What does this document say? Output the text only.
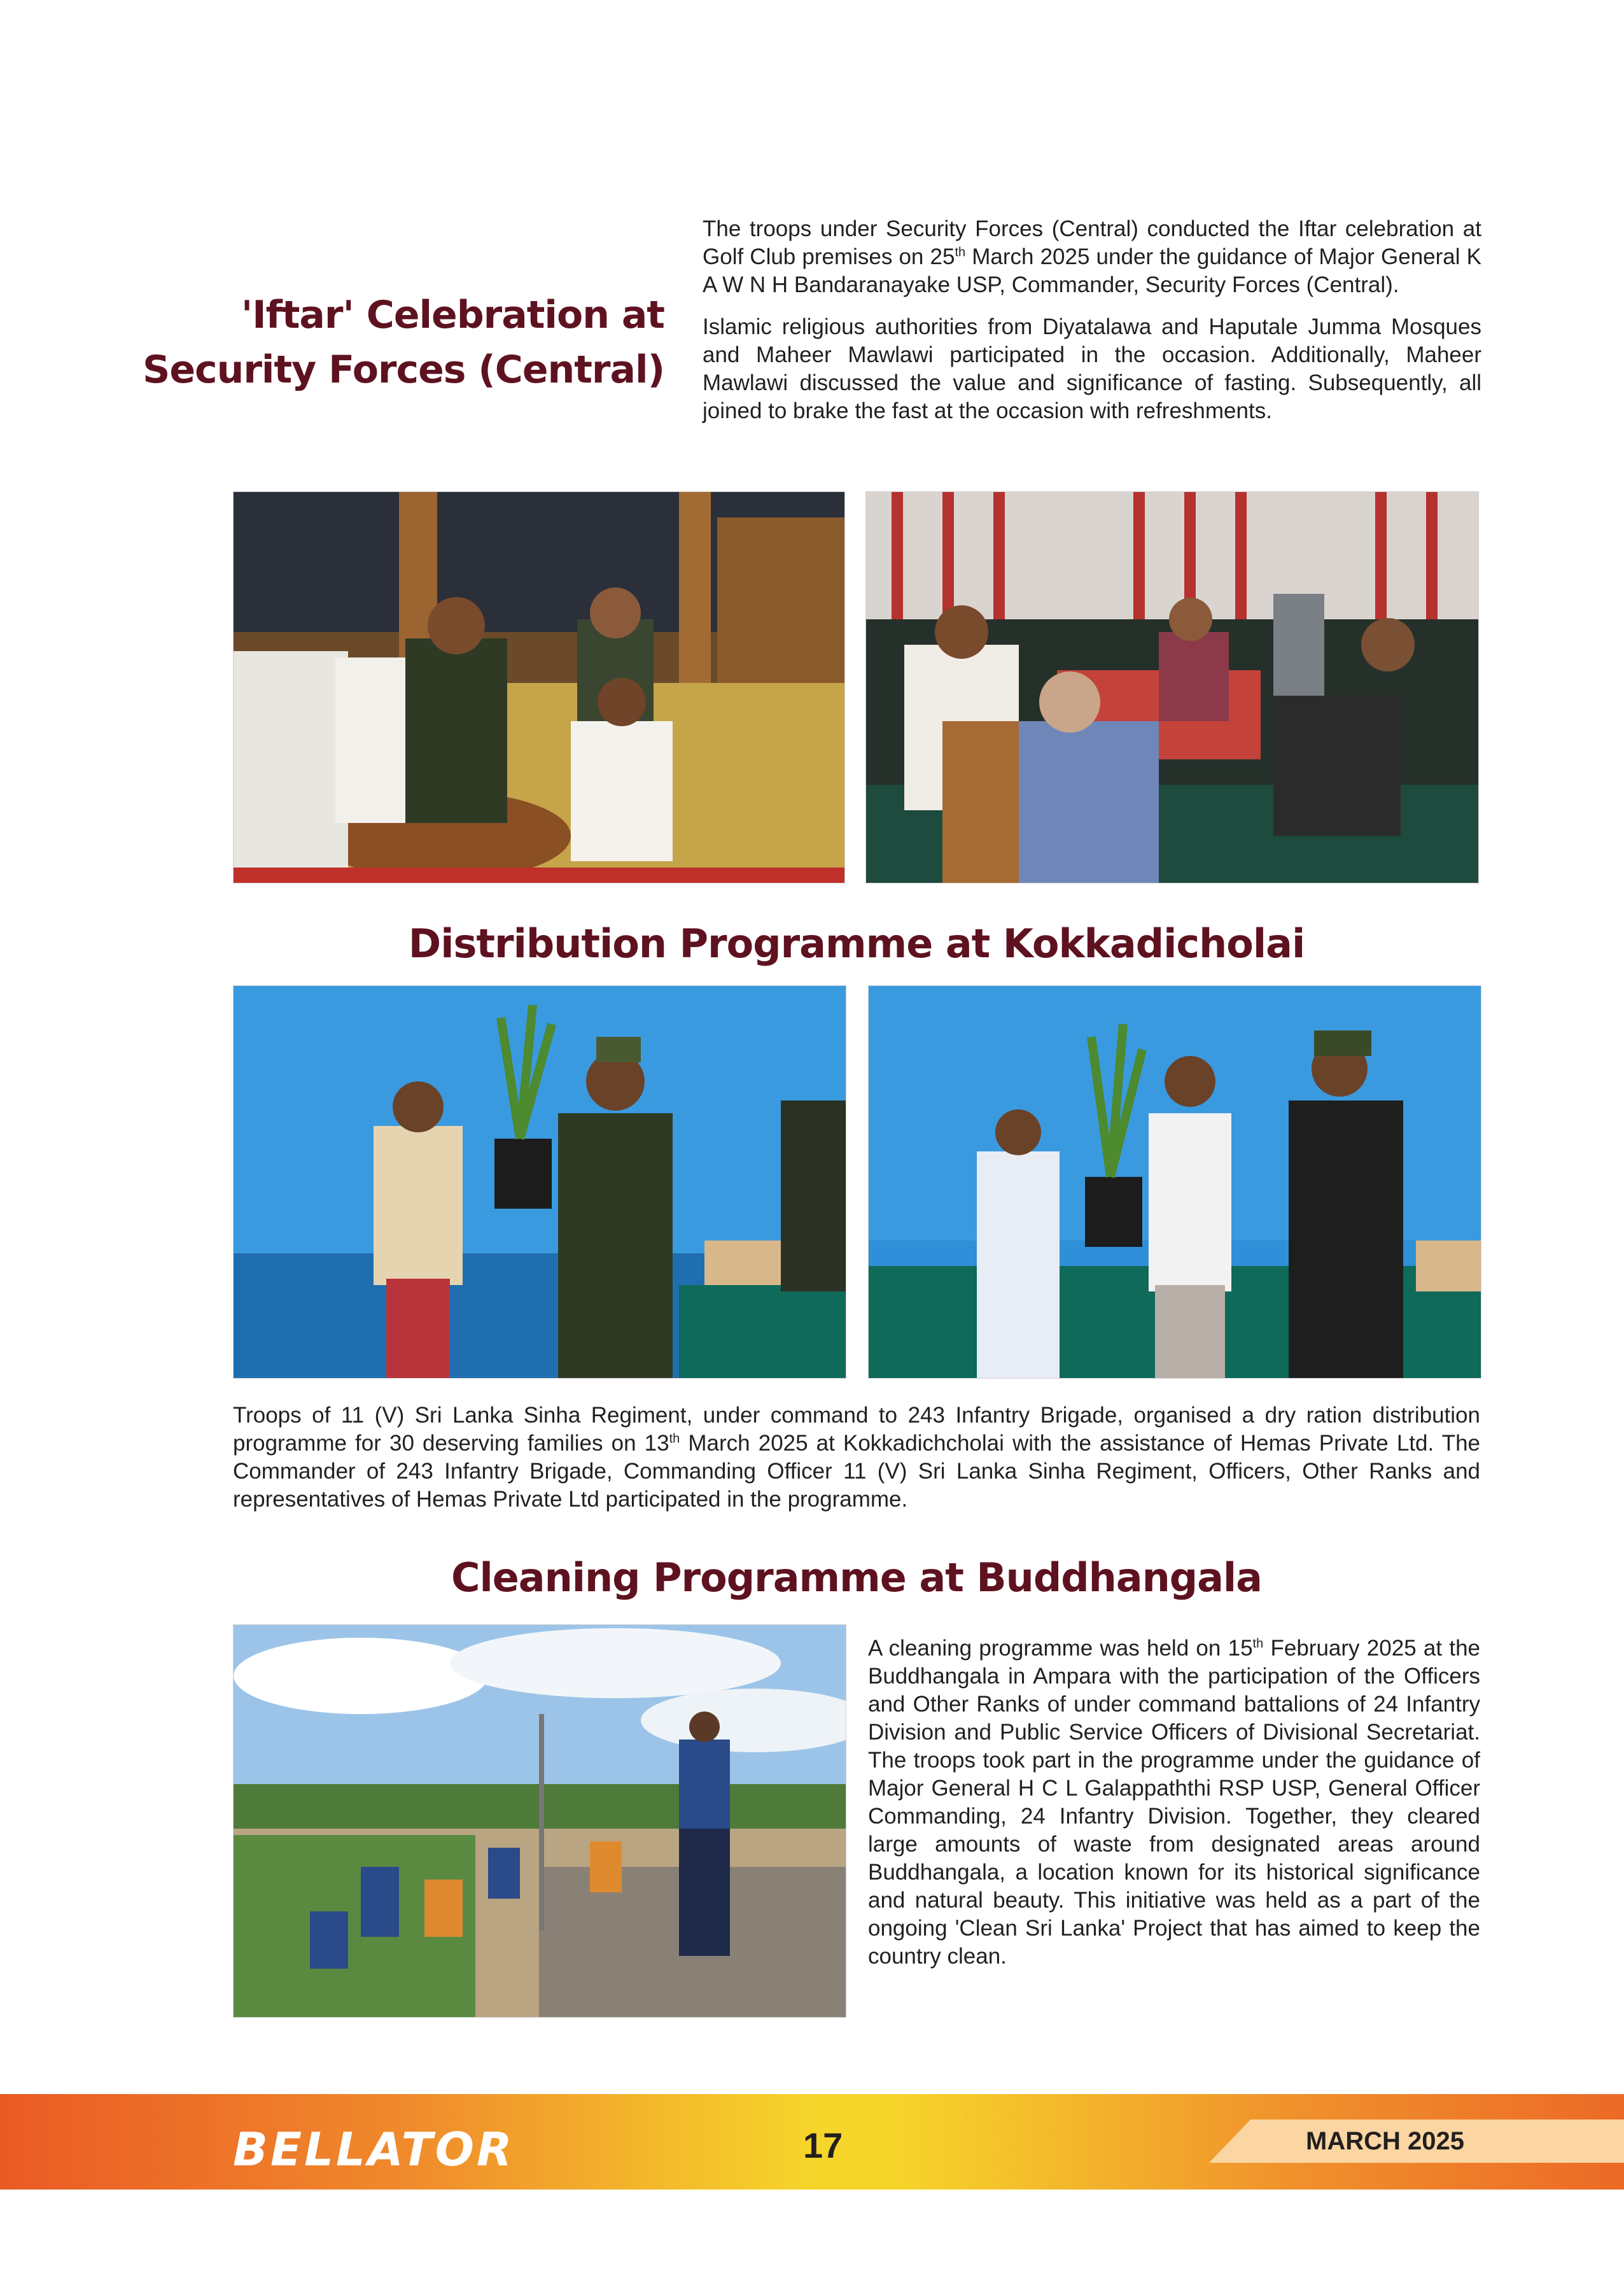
'Iftar' Celebration at
Security Forces (Central)

The troops under Security Forces (Central) conducted the Iftar celebration at Golf Club premises on 25th March 2025 under the guidance of Major General K A W N H Bandaranayake USP, Commander, Security Forces (Central).

Islamic religious authorities from Diyatalawa and Haputale Jumma Mosques and Maheer Mawlawi participated in the occasion. Additionally, Maheer Mawlawi discussed the value and significance of fasting. Subsequently, all joined to brake the fast at the occasion with refreshments.

Distribution Programme at Kokkadicholai

Troops of 11 (V) Sri Lanka Sinha Regiment, under command to 243 Infantry Brigade, organised a dry ration distribution programme for 30 deserving families on 13th March 2025 at Kokkadichcholai with the assistance of Hemas Private Ltd. The Commander of 243 Infantry Brigade, Commanding Officer 11 (V) Sri Lanka Sinha Regiment, Officers, Other Ranks and representatives of Hemas Private Ltd participated in the programme.

Cleaning Programme at Buddhangala

A cleaning programme was held on 15th February 2025 at the Buddhangala in Ampara with the participation of the Officers and Other Ranks of under command battalions of 24 Infantry Division and Public Service Officers of Divisional Secretariat. The troops took part in the programme under the guidance of Major General H C L Galappaththi RSP USP, General Officer Commanding, 24 Infantry Division. Together, they cleared large amounts of waste from designated areas around Buddhangala, a location known for its historical significance and natural beauty. This initiative was held as a part of the ongoing 'Clean Sri Lanka' Project that has aimed to keep the country clean.

BELLATOR	17	MARCH 2025
